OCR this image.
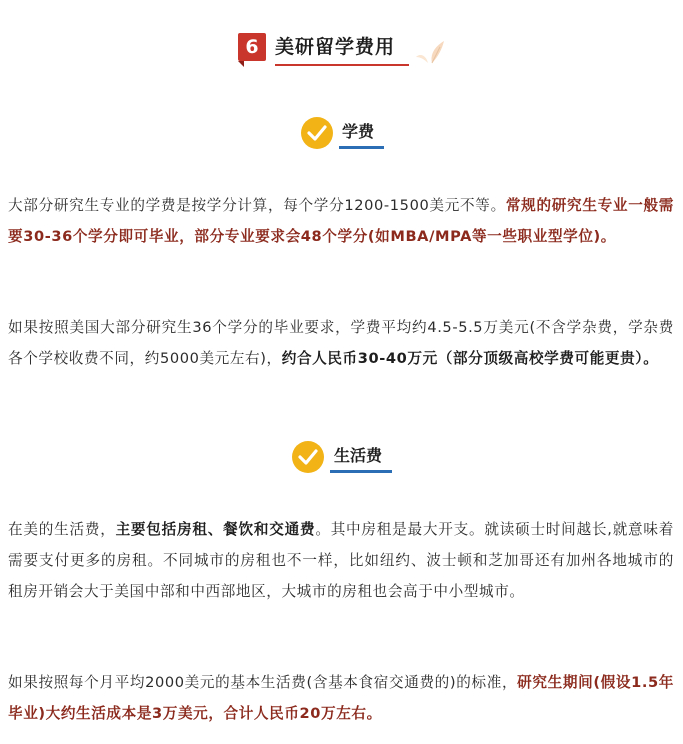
6 美研留学费用
学费

大部分研究生专业的学费是按学分计算，每个学分1200-1500美元不等。常规的研究生专业一般需要30-36个学分即可毕业，部分专业要求会48个学分(如MBA/MPA等一些职业型学位)。

如果按照美国大部分研究生36个学分的毕业要求，学费平均约4.5-5.5万美元(不含学杂费，学杂费各个学校收费不同，约5000美元左右)，约合人民币30-40万元（部分顶级高校学费可能更贵）。

生活费

在美的生活费，主要包括房租、餐饮和交通费。其中房租是最大开支。就读硕士时间越长,就意味着需要支付更多的房租。不同城市的房租也不一样，比如纽约、波士顿和芝加哥还有加州各地城市的租房开销会大于美国中部和中西部地区，大城市的房租也会高于中小型城市。

如果按照每个月平均2000美元的基本生活费(含基本食宿交通费的)的标准，研究生期间(假设1.5年毕业)大约生活成本是3万美元，合计人民币20万左右。
